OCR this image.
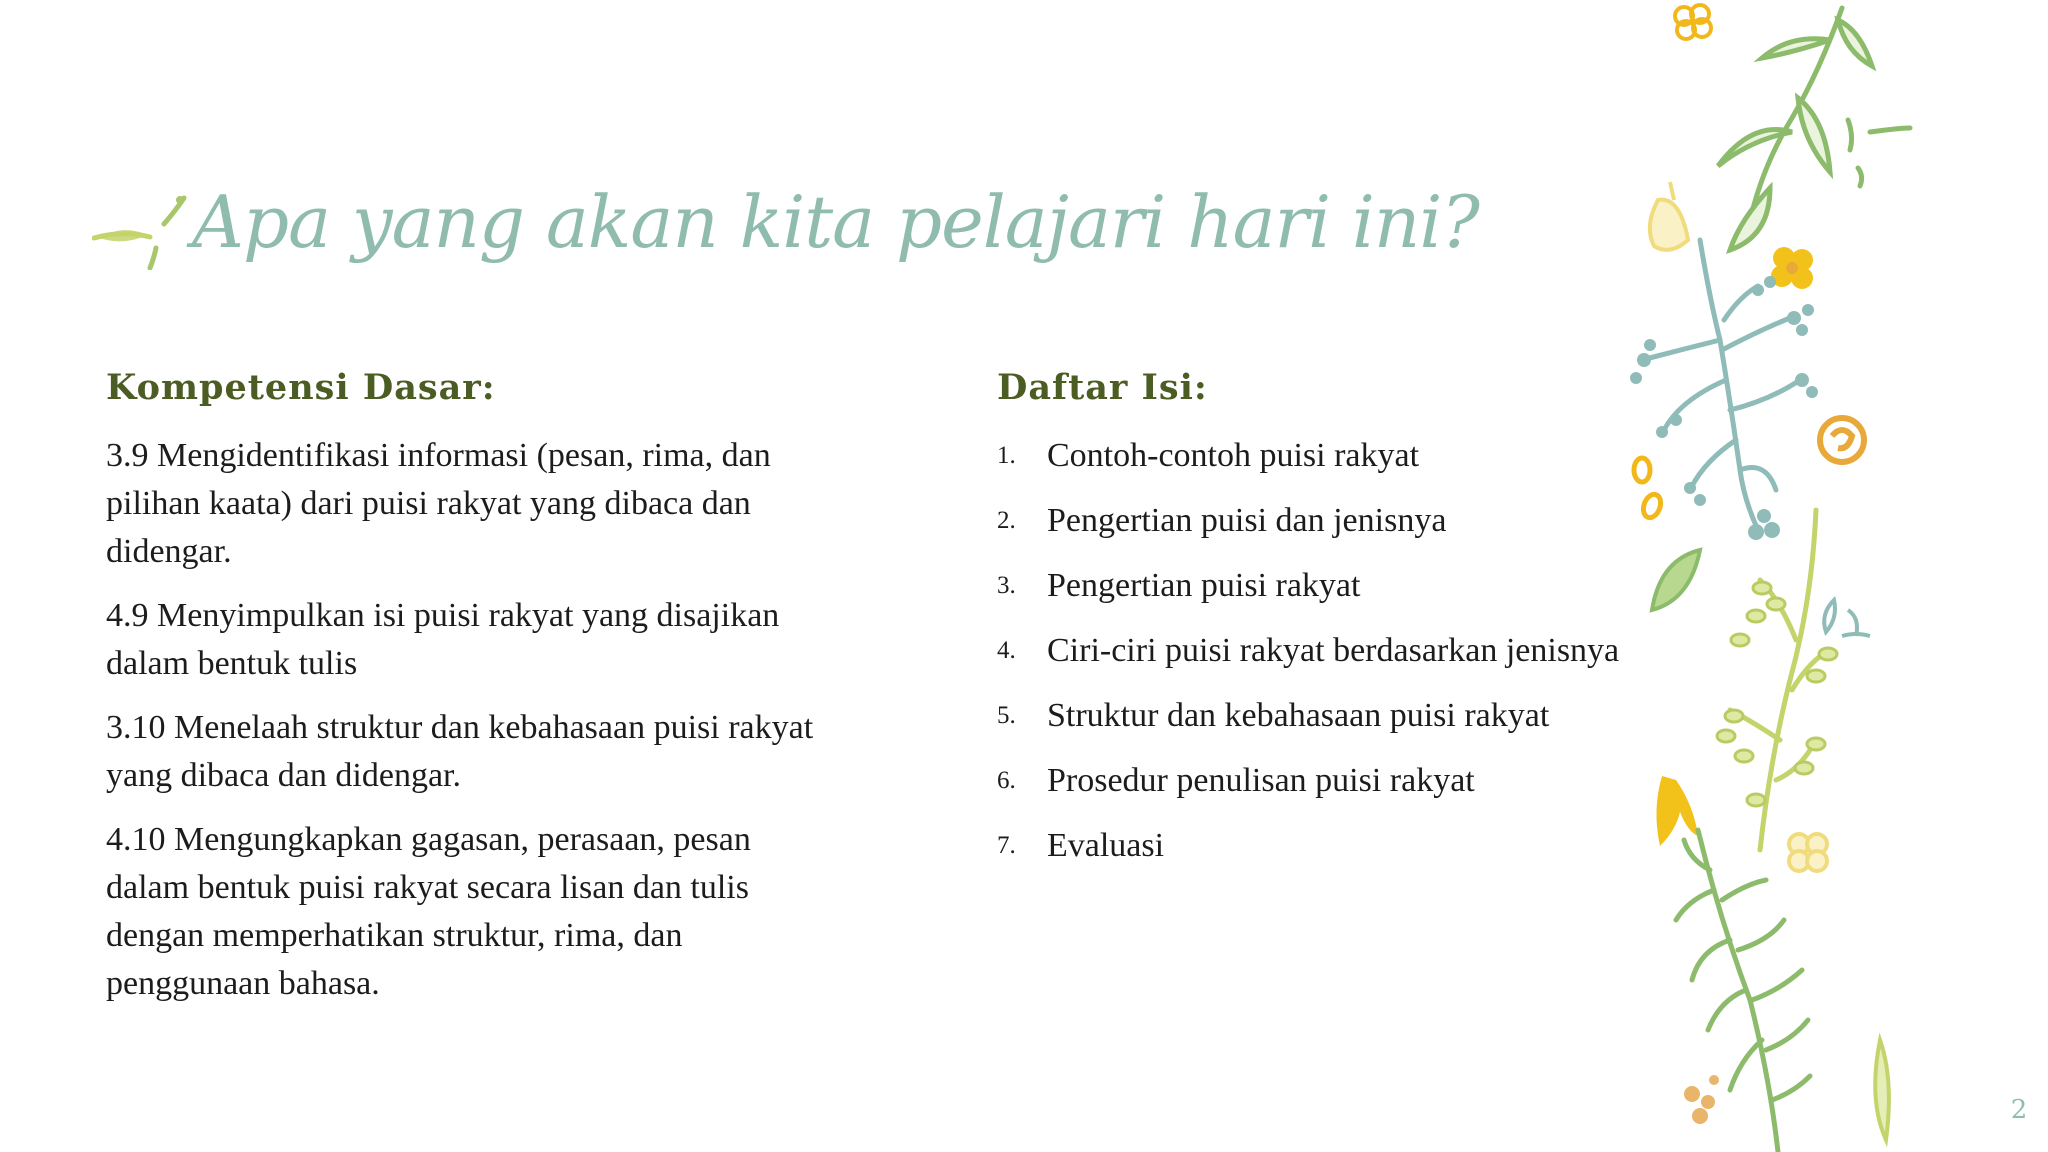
Apa yang akan kita pelajari hari ini?
Kompetensi Dasar:

3.9 Mengidentifikasi informasi (pesan, rima, dan pilihan kaata) dari puisi rakyat yang dibaca dan didengar.

4.9 Menyimpulkan isi puisi rakyat yang disajikan dalam bentuk tulis

3.10 Menelaah struktur dan kebahasaan puisi rakyat yang dibaca dan didengar.

4.10 Mengungkapkan gagasan, perasaan, pesan dalam bentuk puisi rakyat secara lisan dan tulis dengan memperhatikan struktur, rima, dan penggunaan bahasa.

Daftar Isi:
1. Contoh-contoh puisi rakyat
2. Pengertian puisi dan jenisnya
3. Pengertian puisi rakyat
4. Ciri-ciri puisi rakyat berdasarkan jenisnya
5. Struktur dan kebahasaan puisi rakyat
6. Prosedur penulisan puisi rakyat
7. Evaluasi
2
